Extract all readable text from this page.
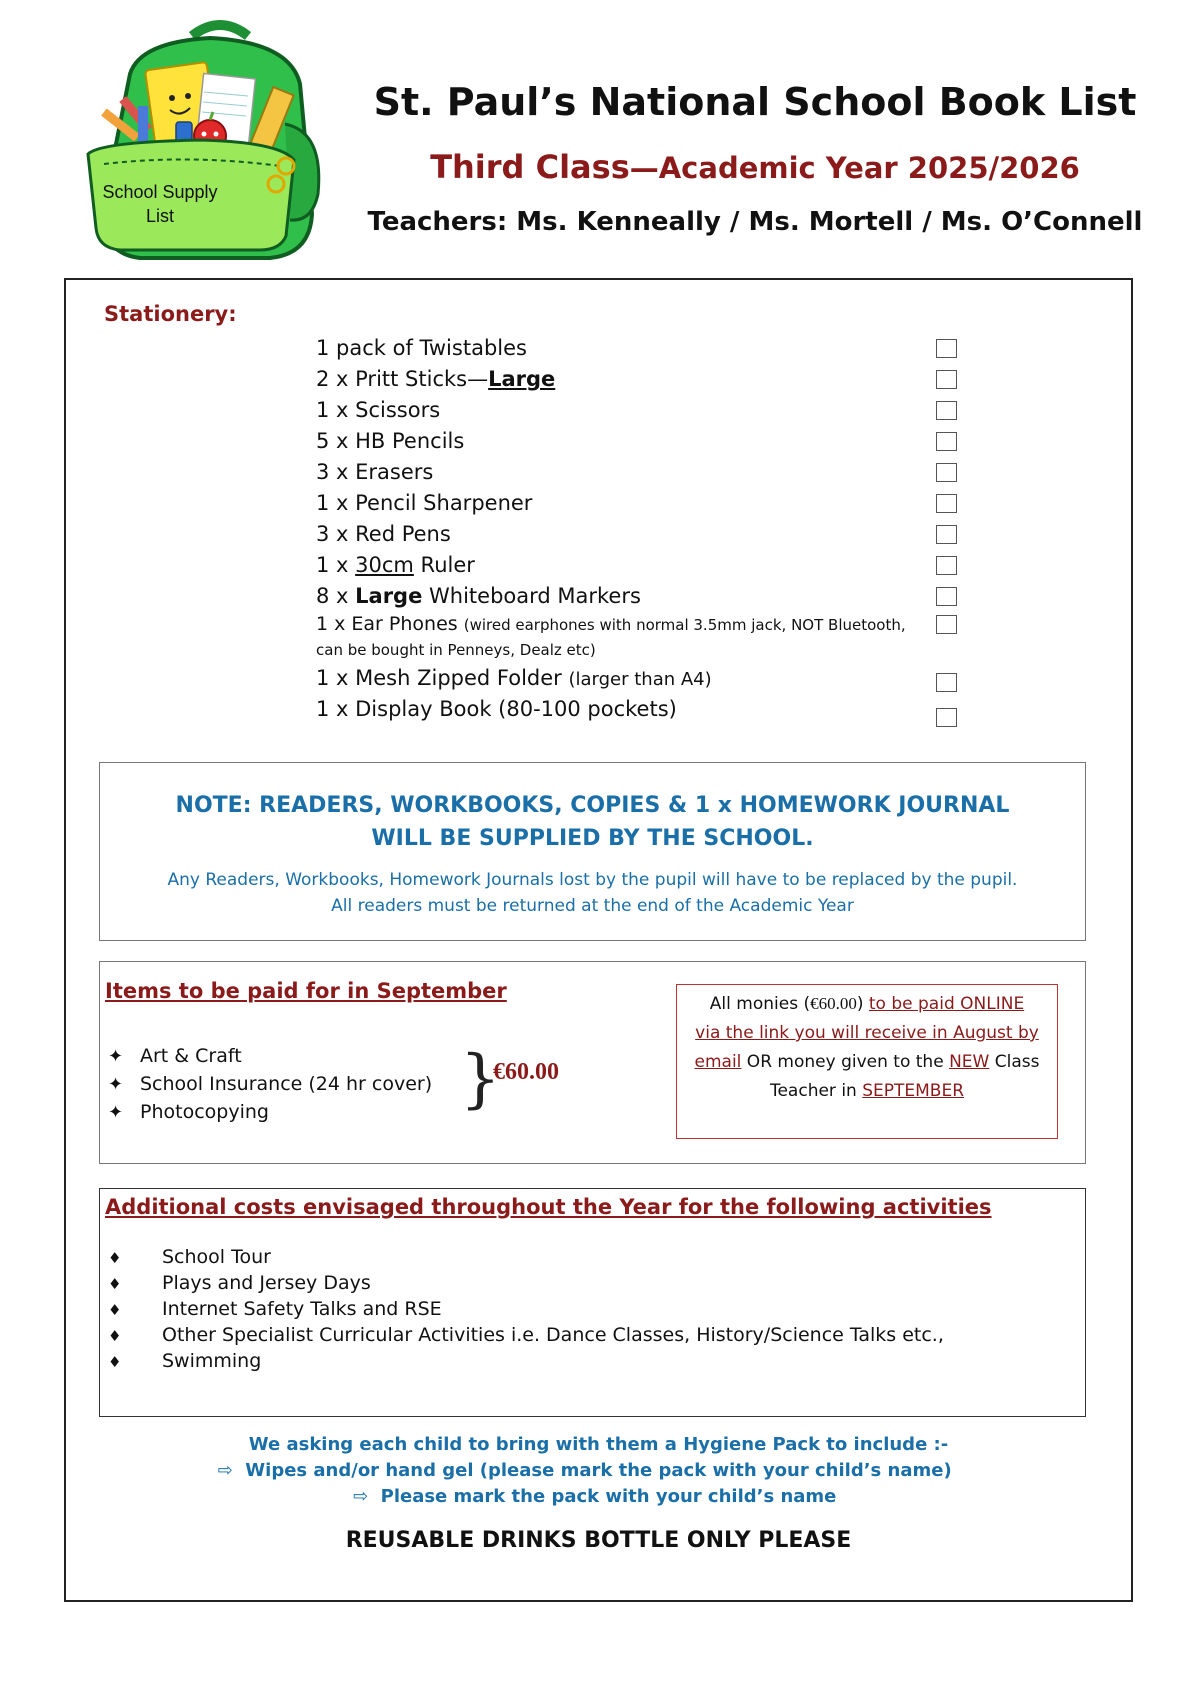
School Supply
List
St. Paul’s National School Book List
Third Class—Academic Year 2025/2026
Teachers: Ms. Kenneally / Ms. Mortell / Ms. O’Connell
Stationery:
1 pack of Twistables
2 x Pritt Sticks—Large
1 x Scissors
5 x HB Pencils
3 x Erasers
1 x Pencil Sharpener
3 x Red Pens
1 x 30cm Ruler
8 x Large Whiteboard Markers
1 x Ear Phones (wired earphones with normal 3.5mm jack, NOT Bluetooth,
can be bought in Penneys, Dealz etc)
1 x Mesh Zipped Folder (larger than A4)
1 x Display Book (80-100 pockets)
NOTE: READERS, WORKBOOKS, COPIES & 1 x HOMEWORK JOURNAL
WILL BE SUPPLIED BY THE SCHOOL.
Any Readers, Workbooks, Homework Journals lost by the pupil will have to be replaced by the pupil.
All readers must be returned at the end of the Academic Year
Items to be paid for in September
✦ Art & Craft
✦ School Insurance (24 hr cover)
✦ Photocopying	}
€60.00
All monies (€60.00) to be paid ONLINE
via the link you will receive in August by
email OR money given to the NEW Class
Teacher in SEPTEMBER
Additional costs envisaged throughout the Year for the following activities
♦ School Tour
♦ Plays and Jersey Days
♦ Internet Safety Talks and RSE
♦ Other Specialist Curricular Activities i.e. Dance Classes, History/Science Talks etc.,
♦ Swimming
We asking each child to bring with them a Hygiene Pack to include :-
⇨ Wipes and/or hand gel (please mark the pack with your child’s name)
⇨ Please mark the pack with your child’s name
REUSABLE DRINKS BOTTLE ONLY PLEASE
